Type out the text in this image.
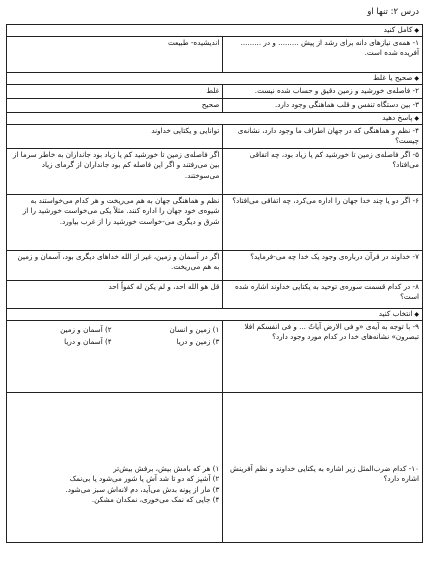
درس ۲: تنها او
◆کامل کنید	

۱- همه‌ی نیازهای دانه برای رشد از پیش ......... و در ......... آفریده شده است.	اندیشیده- طبیعت

◆صحیح یا غلط	

۲- فاصله‌ی خورشید و زمین دقیق و حساب شده نیست.	غلط

۳- بین دستگاه تنفس و قلب هماهنگی وجود دارد.	صحیح

◆پاسخ دهید	

۴- نظم و هماهنگی که در جهان اطراف ما وجود دارد، نشانه‌ی چیست؟	توانایی و یکتایی خداوند

۵- اگر فاصله‌ی زمین تا خورشید کم یا زیاد بود، چه اتفاقی می‌افتاد؟	اگر فاصله‌ی زمین تا خورشید کم یا زیاد بود جانداران به خاطر سرما از بین می‌رفتند و اگر این فاصله کم بود جانداران از گرمای زیاد می‌سوختند.

۶- اگر دو یا چند خدا جهان را اداره می‌کرد، چه اتفاقی می‌افتاد؟	نظم و هماهنگی جهان به هم می‌ریخت و هر کدام می‌خواستند به شیوه‌ی خود جهان را اداره کنند. مثلاً یکی می‌خواست خورشید را از شرق و دیگری می-خواست خورشید را از غرب بیاورد.

۷- خداوند در قرآن درباره‌ی وجود یک خدا چه می-فرماید؟	اگر در آسمان و زمین، غیر از الله خداهای دیگری بود، آسمان و زمین به هم می‌ریخت.

۸- در کدام قسمت سوره‌ی توحید به یکتایی خداوند اشاره شده است؟	قل هو الله احد، و لم یکن له کفواً احد

◆انتخاب کنید	

۹- با توجه به آیه‌ی «و فی الارض آیاتٌ ... و فی انفسکم افلا تبصرون» نشانه‌های خدا در کدام مورد وجود دارد؟	۱) زمین و انسان
۲) آسمان و زمین
۳) زمین و دریا
۴) آسمان و دریا

۱۰- کدام ضرب‌المثل زیر اشاره به یکتایی خداوند و نظم آفرینش اشاره دارد؟	۱) هر که بامش بیش، برفش بیش‌تر
۲) آشپز که دو تا شد آش یا شور می‌شود یا بی‌نمک
۳) مار از پونه بدش می‌آید، دم لانه‌اش سبز می‌شود.
۴) جایی که نمک می‌خوری، نمکدان مشکن.
